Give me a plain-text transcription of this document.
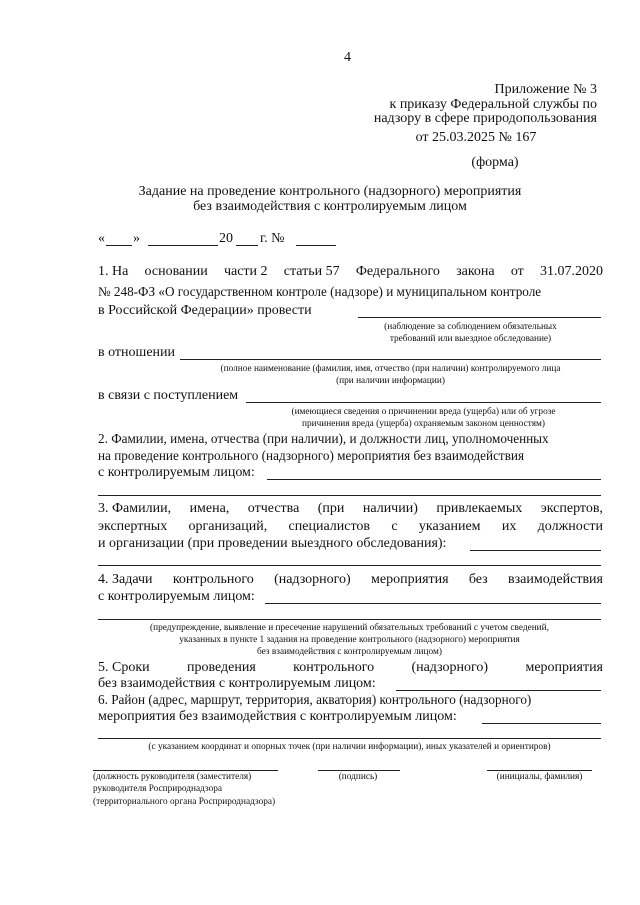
4
Приложение № 3
к приказу Федеральной службы по
надзору в сфере природопользования
от 25.03.2025 № 167
(форма)
Задание на проведение контрольного (надзорного) мероприятия
без взаимодействия с контролируемым лицом
« »	20 г. №
1. На основании части 2 статьи 57 Федерального закона от 31.07.2020
№ 248-ФЗ «О государственном контроле (надзоре) и муниципальном контроле
в Российской Федерации» провести
(наблюдение за соблюдением обязательных
требований или выездное обследование)
в отношении
(полное наименование (фамилия, имя, отчество (при наличии) контролируемого лица
(при наличии информации)
в связи с поступлением
(имеющиеся сведения о причинении вреда (ущерба) или об угрозе
причинения вреда (ущерба) охраняемым законом ценностям)
2. Фамилии, имена, отчества (при наличии), и должности лиц, уполномоченных
на проведение контрольного (надзорного) мероприятия без взаимодействия
с контролируемым лицом:
3. Фамилии, имена, отчества (при наличии) привлекаемых экспертов,
экспертных организаций, специалистов с указанием их должности
и организации (при проведении выездного обследования):
4. Задачи контрольного (надзорного) мероприятия без взаимодействия
с контролируемым лицом:
(предупреждение, выявление и пресечение нарушений обязательных требований с учетом сведений,
указанных в пункте 1 задания на проведение контрольного (надзорного) мероприятия
без взаимодействия с контролируемым лицом)
5. Сроки	проведения	контрольного	(надзорного)	мероприятия
без взаимодействия с контролируемым лицом:
6. Район (адрес, маршрут, территория, акватория) контрольного (надзорного)
мероприятия без взаимодействия с контролируемым лицом:
(с указанием координат и опорных точек (при наличии информации), иных указателей и ориентиров)
(должность руководителя (заместителя)
руководителя Росприроднадзора
(территориального органа Росприроднадзора)
(подпись)	(инициалы, фамилия)
